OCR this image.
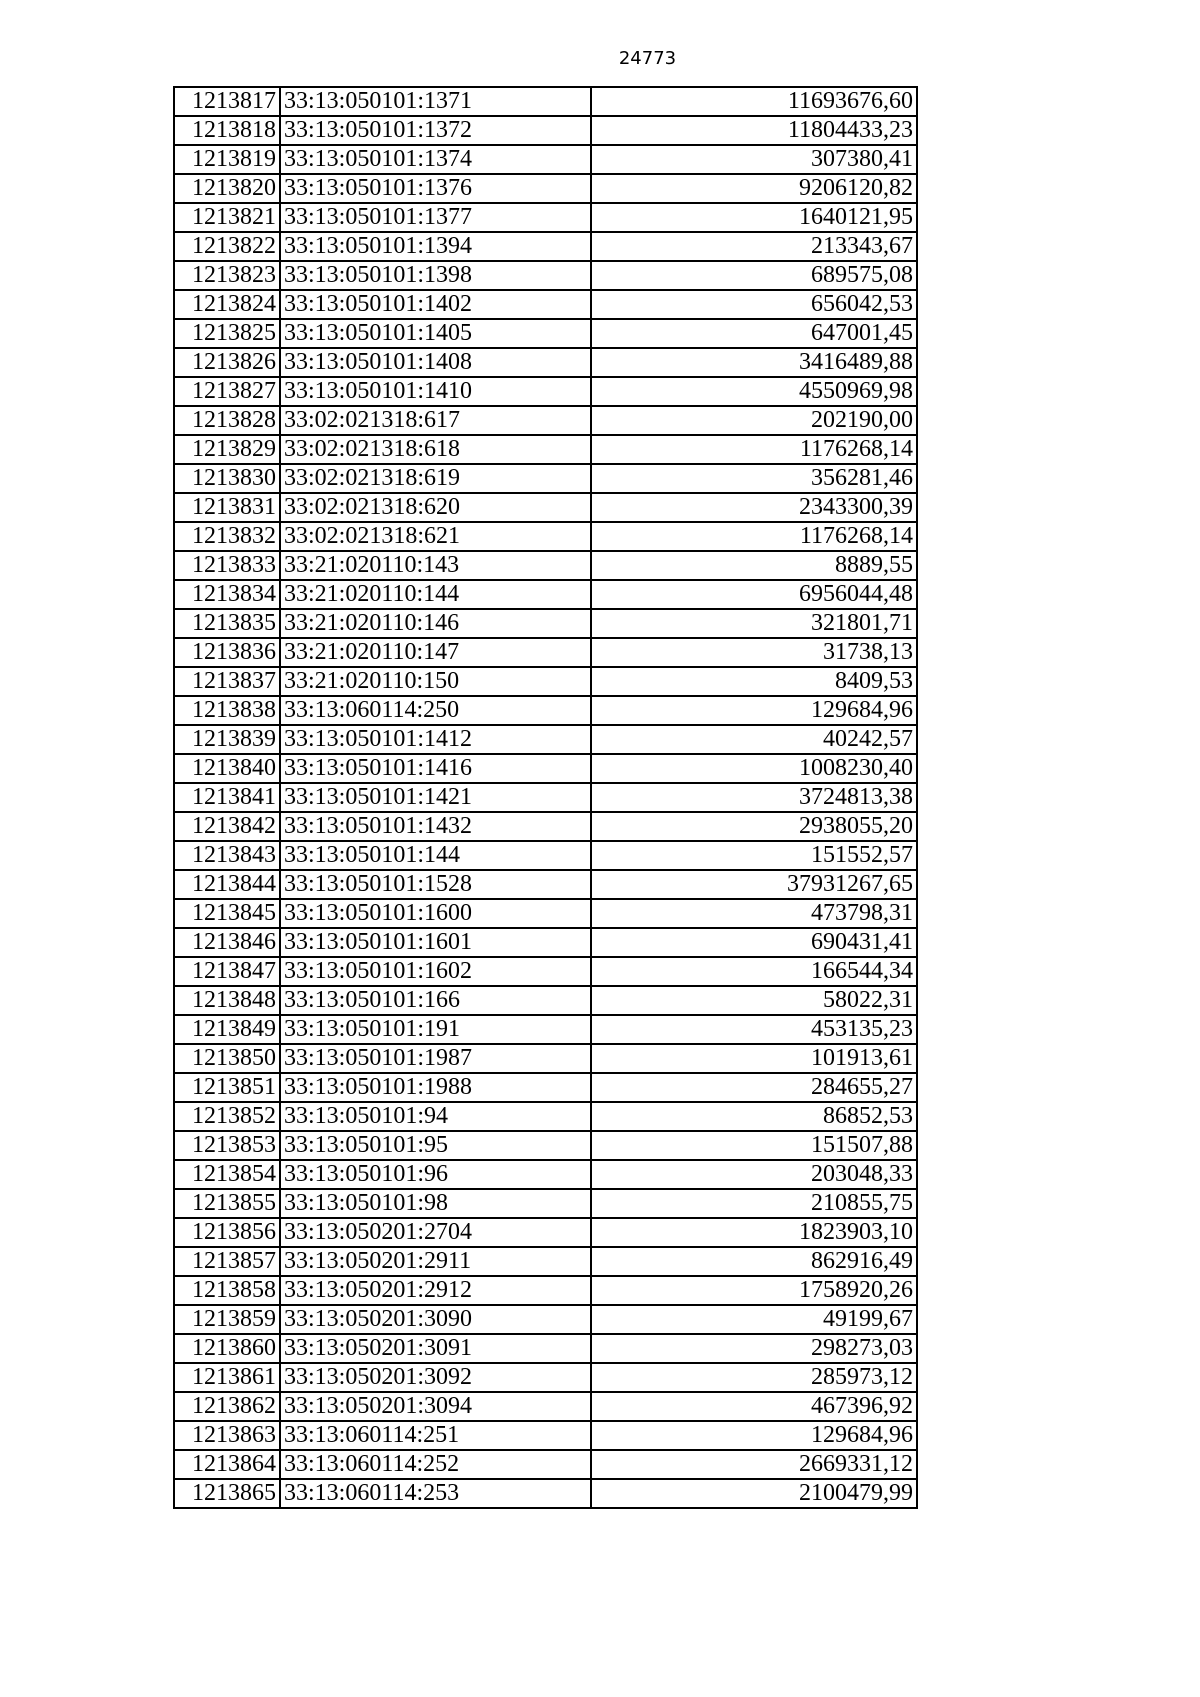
24773
1213817	33:13:050101:1371	11693676,60
1213818	33:13:050101:1372	11804433,23
1213819	33:13:050101:1374	307380,41
1213820	33:13:050101:1376	9206120,82
1213821	33:13:050101:1377	1640121,95
1213822	33:13:050101:1394	213343,67
1213823	33:13:050101:1398	689575,08
1213824	33:13:050101:1402	656042,53
1213825	33:13:050101:1405	647001,45
1213826	33:13:050101:1408	3416489,88
1213827	33:13:050101:1410	4550969,98
1213828	33:02:021318:617	202190,00
1213829	33:02:021318:618	1176268,14
1213830	33:02:021318:619	356281,46
1213831	33:02:021318:620	2343300,39
1213832	33:02:021318:621	1176268,14
1213833	33:21:020110:143	8889,55
1213834	33:21:020110:144	6956044,48
1213835	33:21:020110:146	321801,71
1213836	33:21:020110:147	31738,13
1213837	33:21:020110:150	8409,53
1213838	33:13:060114:250	129684,96
1213839	33:13:050101:1412	40242,57
1213840	33:13:050101:1416	1008230,40
1213841	33:13:050101:1421	3724813,38
1213842	33:13:050101:1432	2938055,20
1213843	33:13:050101:144	151552,57
1213844	33:13:050101:1528	37931267,65
1213845	33:13:050101:1600	473798,31
1213846	33:13:050101:1601	690431,41
1213847	33:13:050101:1602	166544,34
1213848	33:13:050101:166	58022,31
1213849	33:13:050101:191	453135,23
1213850	33:13:050101:1987	101913,61
1213851	33:13:050101:1988	284655,27
1213852	33:13:050101:94	86852,53
1213853	33:13:050101:95	151507,88
1213854	33:13:050101:96	203048,33
1213855	33:13:050101:98	210855,75
1213856	33:13:050201:2704	1823903,10
1213857	33:13:050201:2911	862916,49
1213858	33:13:050201:2912	1758920,26
1213859	33:13:050201:3090	49199,67
1213860	33:13:050201:3091	298273,03
1213861	33:13:050201:3092	285973,12
1213862	33:13:050201:3094	467396,92
1213863	33:13:060114:251	129684,96
1213864	33:13:060114:252	2669331,12
1213865	33:13:060114:253	2100479,99
